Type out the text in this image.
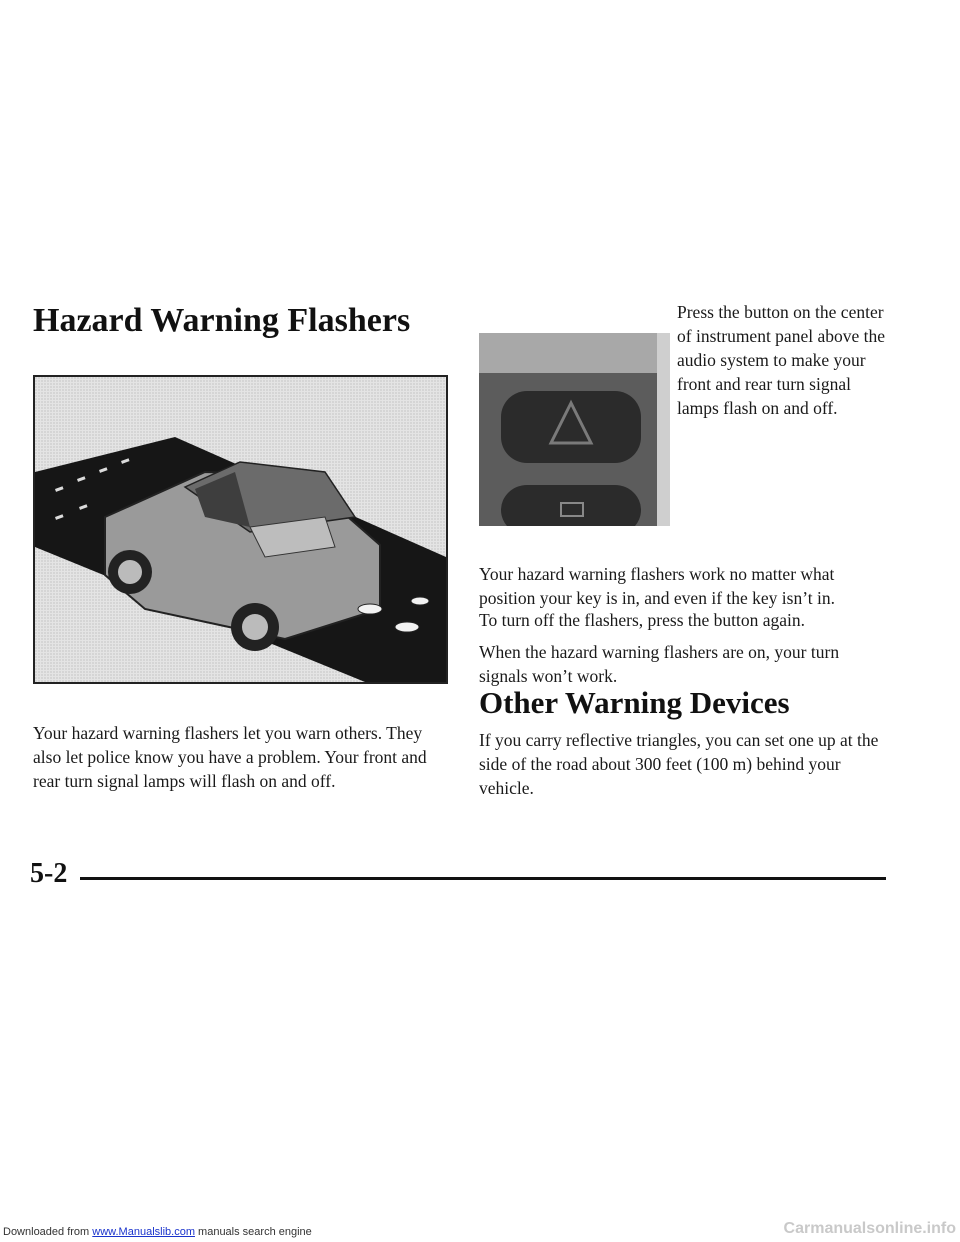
Hazard Warning Flashers

Your hazard warning flashers let you warn others. They also let police know you have a problem. Your front and rear turn signal lamps will flash on and off.

Press the button on the center of instrument panel above the audio system to make your front and rear turn signal lamps flash on and off.

Your hazard warning flashers work no matter what position your key is in, and even if the key isn’t in.

To turn off the flashers, press the button again.

When the hazard warning flashers are on, your turn signals won’t work.

Other Warning Devices

If you carry reflective triangles, you can set one up at the side of the road about 300 feet (100 m) behind your vehicle.

5-2
Downloaded from www.Manualslib.com manuals search engine	Carmanualsonline.info
